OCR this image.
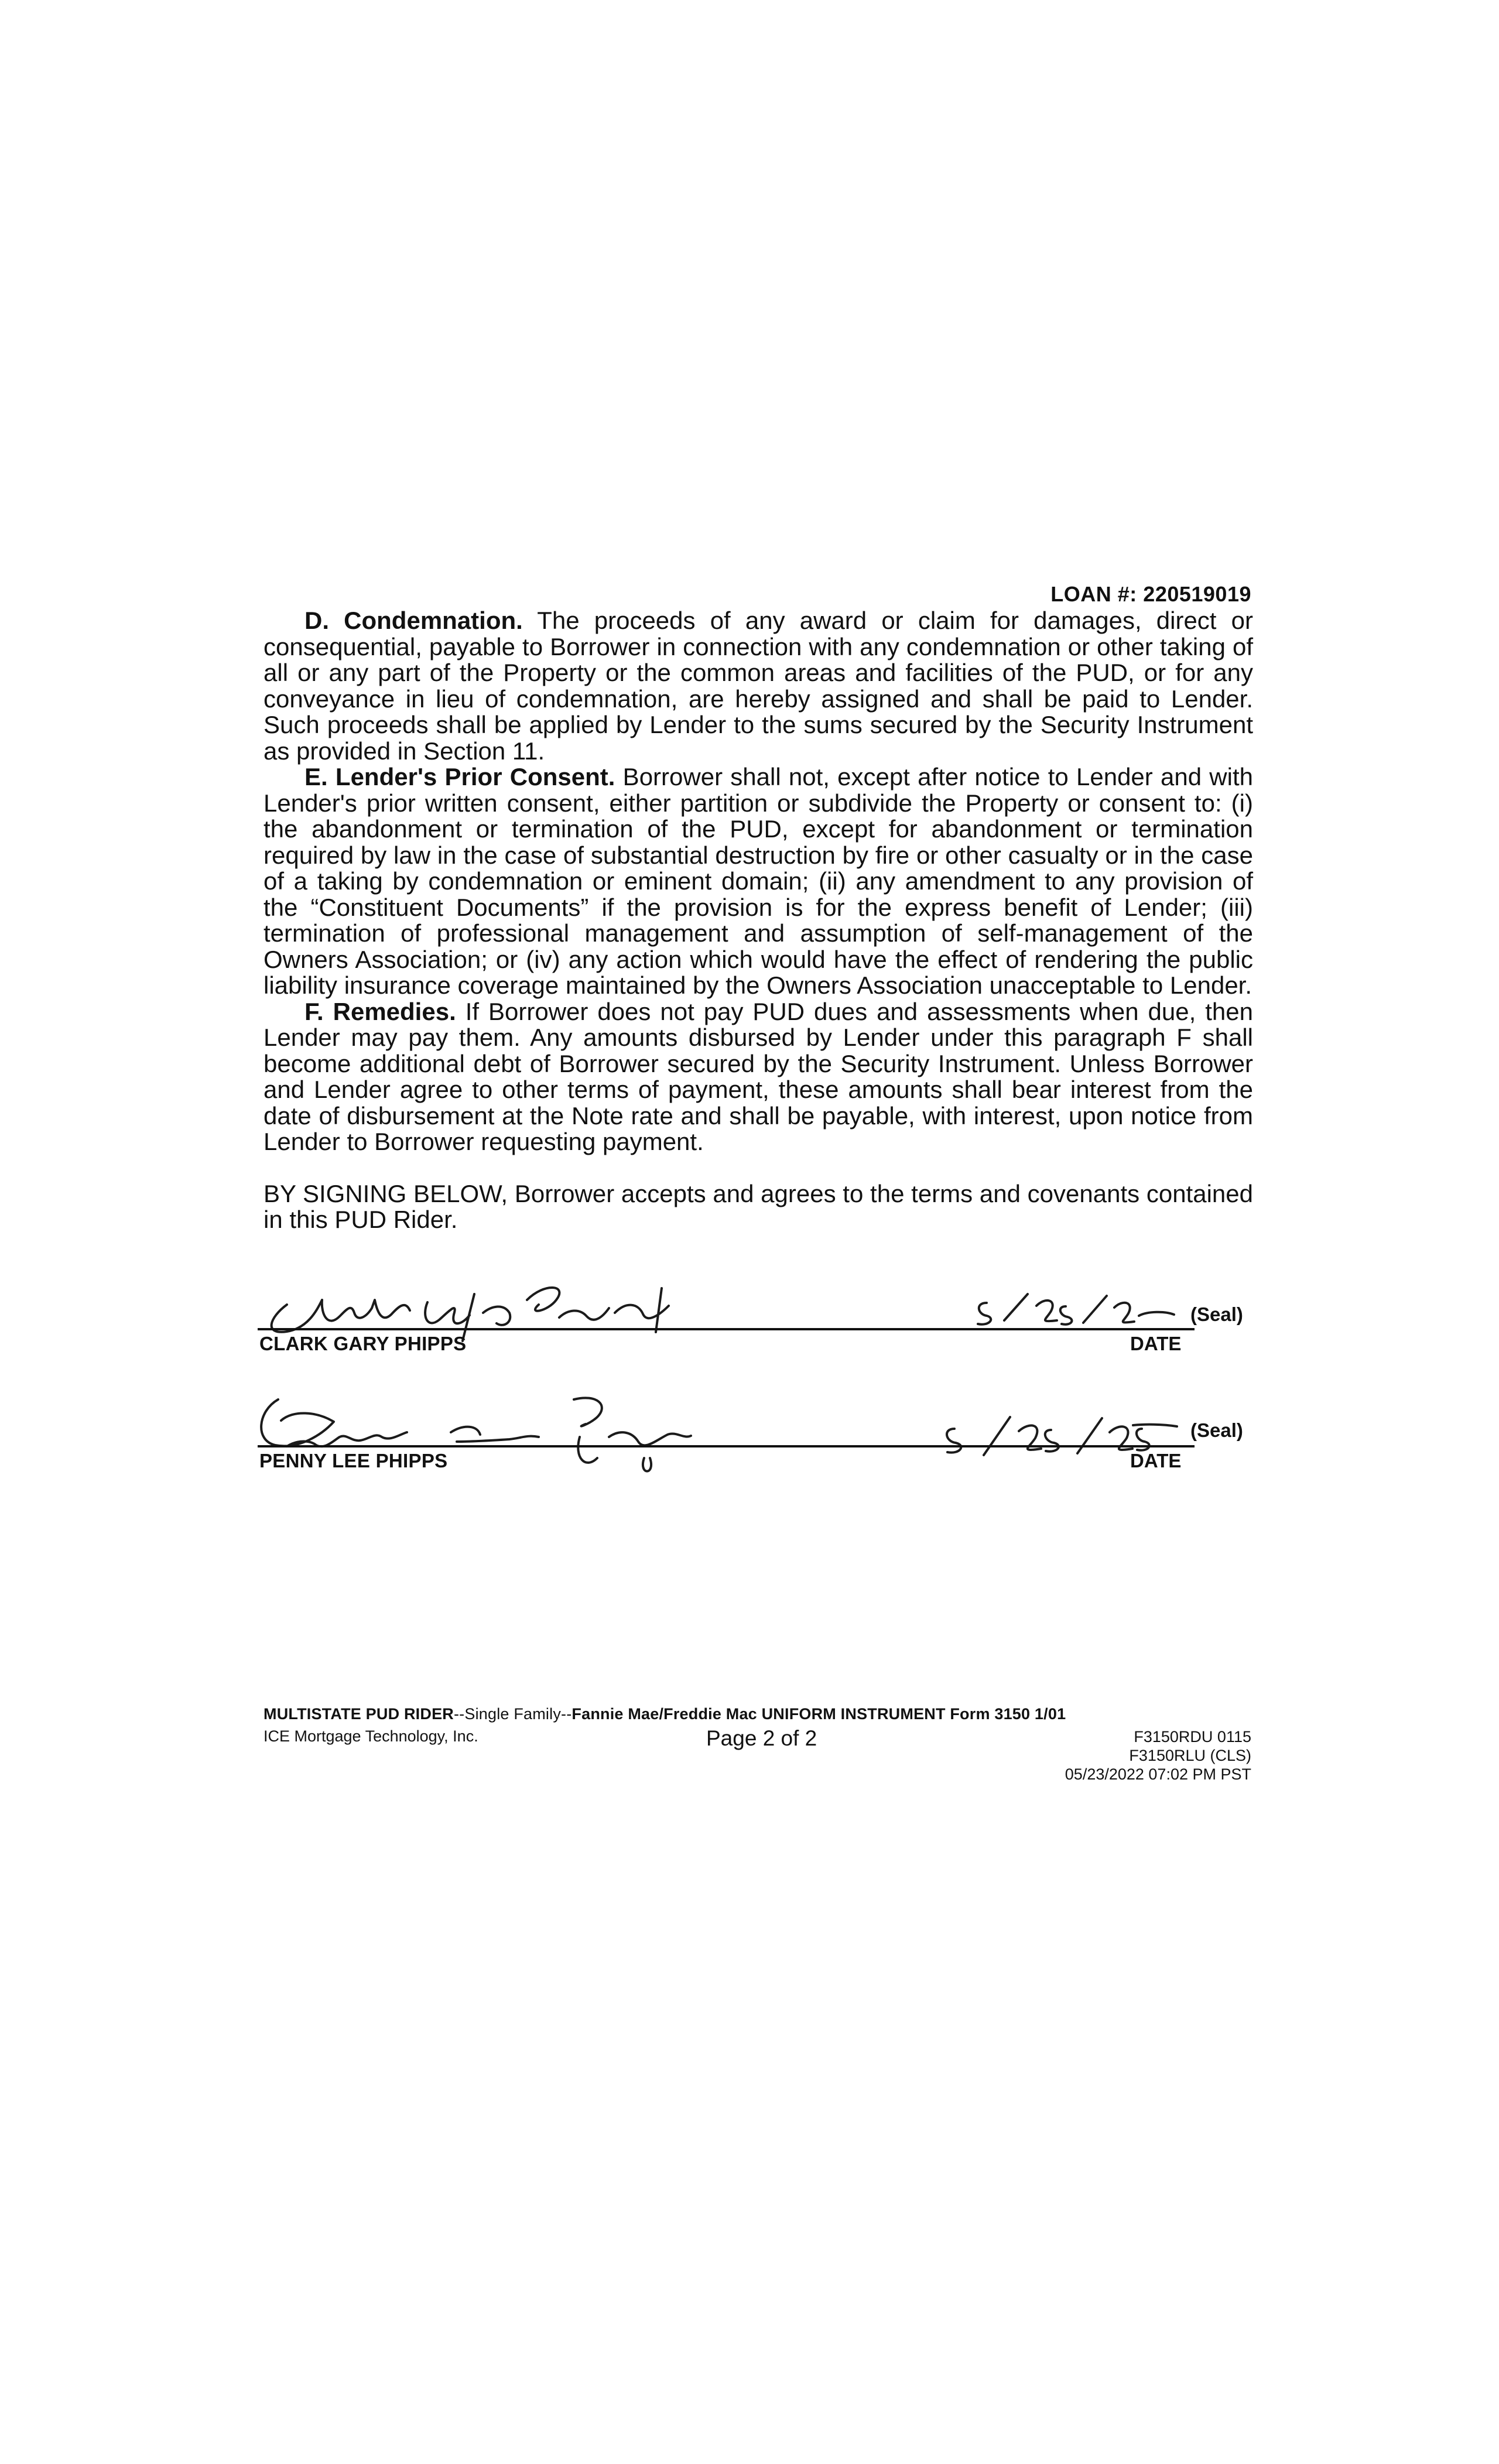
LOAN #: 220519019

D. Condemnation. The proceeds of any award or claim for damages, direct or consequential, payable to Borrower in connection with any condemnation or other taking of all or any part of the Property or the common areas and facilities of the PUD, or for any conveyance in lieu of condemnation, are hereby assigned and shall be paid to Lender. Such proceeds shall be applied by Lender to the sums secured by the Security Instrument as provided in Section 11.

E. Lender's Prior Consent. Borrower shall not, except after notice to Lender and with Lender's prior written consent, either partition or subdivide the Property or consent to: (i) the abandonment or termination of the PUD, except for abandonment or termination required by law in the case of substantial destruction by fire or other casualty or in the case of a taking by condemnation or eminent domain; (ii) any amendment to any provision of the “Constituent Documents” if the provision is for the express benefit of Lender; (iii) termination of professional management and assumption of self-management of the Owners Association; or (iv) any action which would have the effect of rendering the public liability insurance coverage maintained by the Owners Association unacceptable to Lender.

F. Remedies. If Borrower does not pay PUD dues and assessments when due, then Lender may pay them. Any amounts disbursed by Lender under this paragraph F shall become additional debt of Borrower secured by the Security Instrument. Unless Borrower and Lender agree to other terms of payment, these amounts shall bear interest from the date of disbursement at the Note rate and shall be payable, with interest, upon notice from Lender to Borrower requesting payment.

BY SIGNING BELOW, Borrower accepts and agrees to the terms and covenants contained in this PUD Rider.

(Seal)
CLARK GARY PHIPPS	DATE
(Seal)
PENNY LEE PHIPPS	DATE
MULTISTATE PUD RIDER--Single Family--Fannie Mae/Freddie Mac UNIFORM INSTRUMENT Form 3150 1/01
ICE Mortgage Technology, Inc.	Page 2 of 2	F3150RDU 0115
F3150RLU (CLS)
05/23/2022 07:02 PM PST
